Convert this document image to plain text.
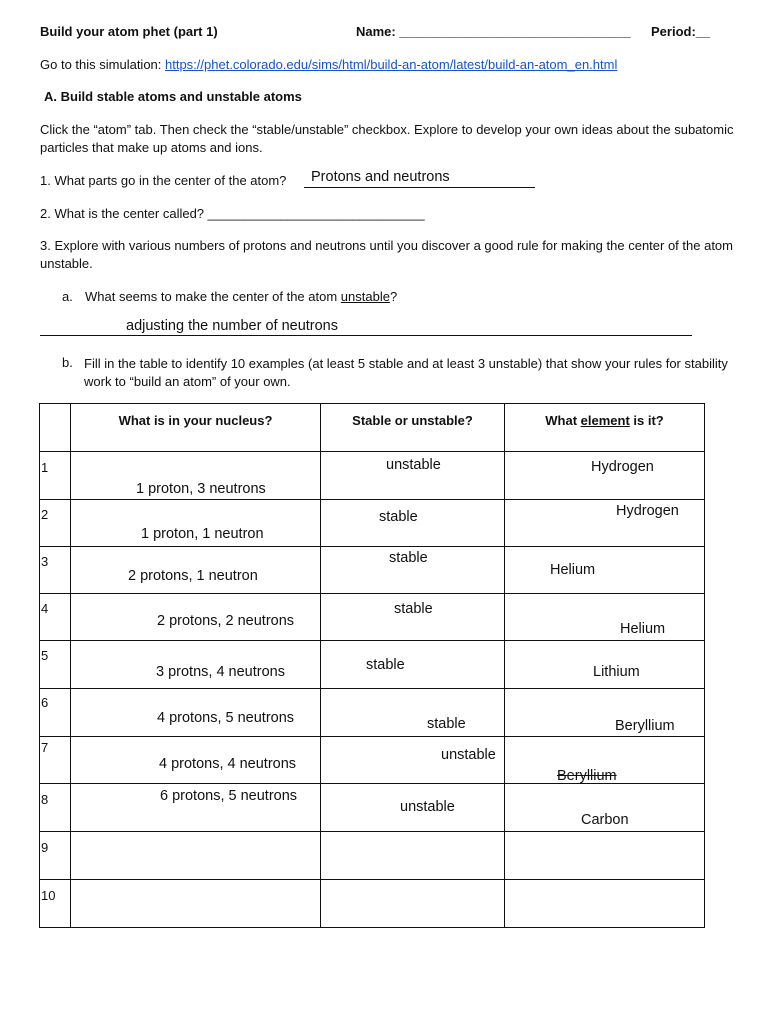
Build your atom phet (part 1)	Name: ________________________________ Period:__
Go to this simulation: https://phet.colorado.edu/sims/html/build-an-atom/latest/build-an-atom_en.html
A. Build stable atoms and unstable atoms
Click the “atom” tab. Then check the “stable/unstable” checkbox. Explore to develop your own ideas about the subatomic particles that make up atoms and ions.
1. What parts go in the center of the atom? Protons and neutrons
2. What is the center called? ______________________________
3. Explore with various numbers of protons and neutrons until you discover a good rule for making the center of the atom unstable.
a. What seems to make the center of the atom unstable?
adjusting the number of neutrons
b. Fill in the table to identify 10 examples (at least 5 stable and at least 3 unstable) that show your rules for stability work to “build an atom” of your own.
	What is in your nucleus?	Stable or unstable?	What element is it?

1	1 proton, 3 neutrons	unstable	Hydrogen

2	1 proton, 1 neutron	stable	Hydrogen

3	2 protons, 1 neutron	stable	Helium

4	2 protons, 2 neutrons	stable	Helium

5	3 protns, 4 neutrons	stable	Lithium

6	4 protons, 5 neutrons	stable	Beryllium

7	4 protons, 4 neutrons	unstable	Beryllium

8	6 protons, 5 neutrons	unstable	Carbon

9			

10			
